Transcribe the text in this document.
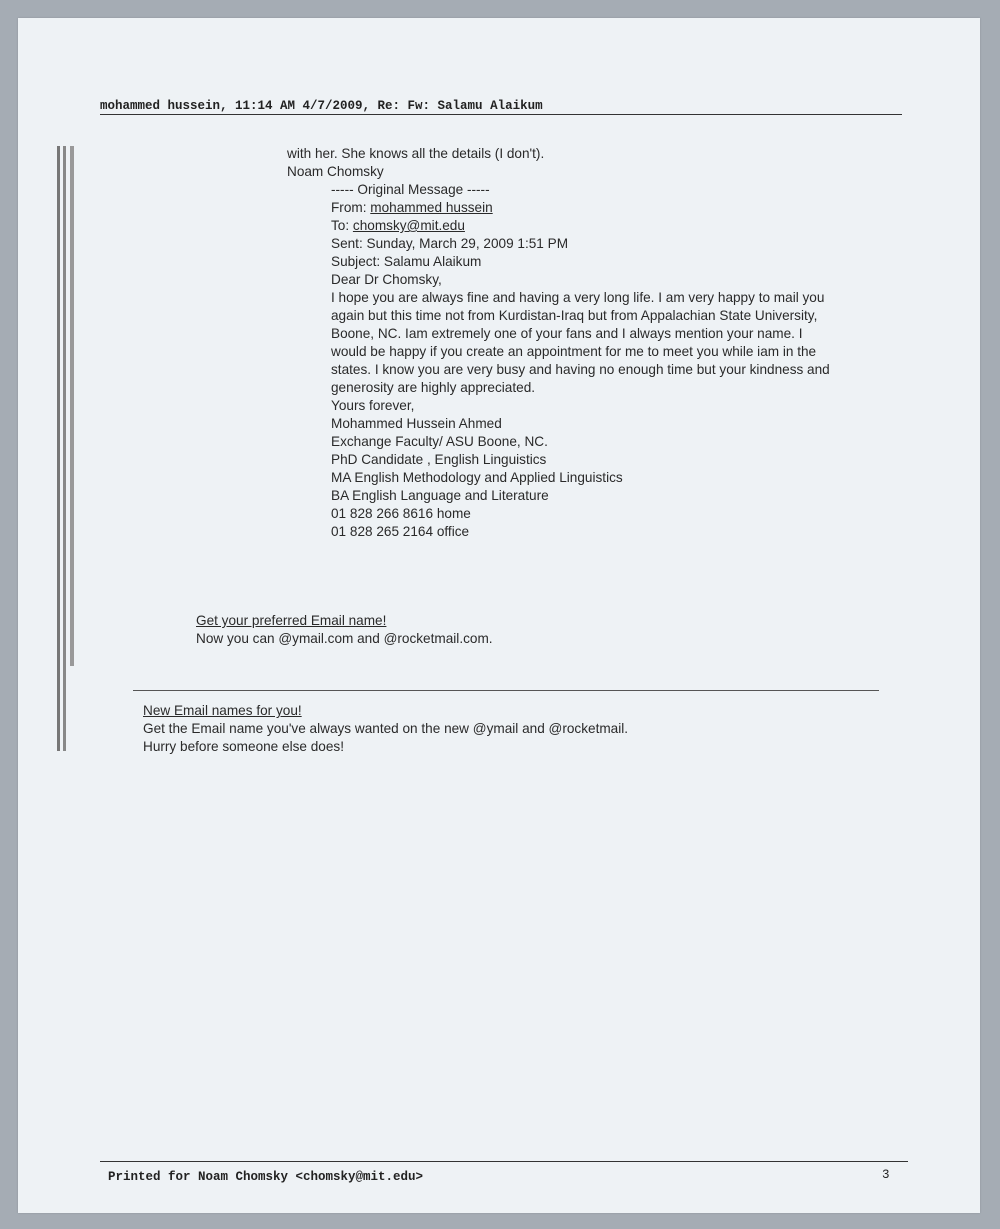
mohammed hussein, 11:14 AM 4/7/2009, Re: Fw: Salamu Alaikum
with her. She knows all the details (I don't).
Noam Chomsky
----- Original Message -----
From: mohammed hussein
To: chomsky@mit.edu
Sent: Sunday, March 29, 2009 1:51 PM
Subject: Salamu Alaikum
Dear Dr Chomsky,
I hope you are always fine and having a very long life. I am very happy to mail you
again but this time not from Kurdistan-Iraq but from Appalachian State University,
Boone, NC. Iam extremely one of your fans and I always mention your name. I
would be happy if you create an appointment for me to meet you while iam in the
states. I know you are very busy and having no enough time but your kindness and
generosity are highly appreciated.
Yours forever,
Mohammed Hussein Ahmed
Exchange Faculty/ ASU Boone, NC.
PhD Candidate , English Linguistics
MA English Methodology and Applied Linguistics
BA English Language and Literature
01 828 266 8616 home
01 828 265 2164 office
Get your preferred Email name!
Now you can @ymail.com and @rocketmail.com.
New Email names for you!
Get the Email name you've always wanted on the new @ymail and @rocketmail.
Hurry before someone else does!
Printed for Noam Chomsky <chomsky@mit.edu>	3
